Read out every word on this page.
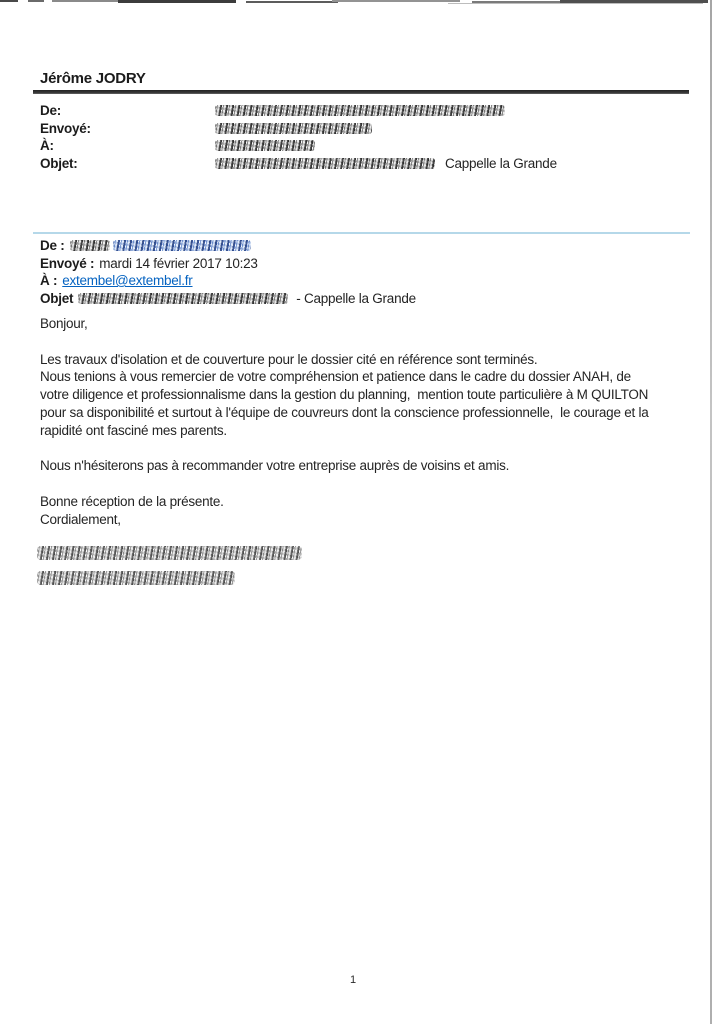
Jérôme JODRY
De:
Envoyé:
À:
Objet:	Cappelle la Grande
De :
Envoyé : mardi 14 février 2017 10:23
À : extembel@extembel.fr
Objet	- Cappelle la Grande
Bonjour,
Les travaux d'isolation et de couverture pour le dossier cité en référence sont terminés.
Nous tenions à vous remercier de votre compréhension et patience dans le cadre du dossier ANAH, de
votre diligence et professionnalisme dans la gestion du planning,  mention toute particulière à M QUILTON
pour sa disponibilité et surtout à l'équipe de couvreurs dont la conscience professionnelle,  le courage et la
rapidité ont fasciné mes parents.
Nous n'hésiterons pas à recommander votre entreprise auprès de voisins et amis.
Bonne réception de la présente.
Cordialement,
1
